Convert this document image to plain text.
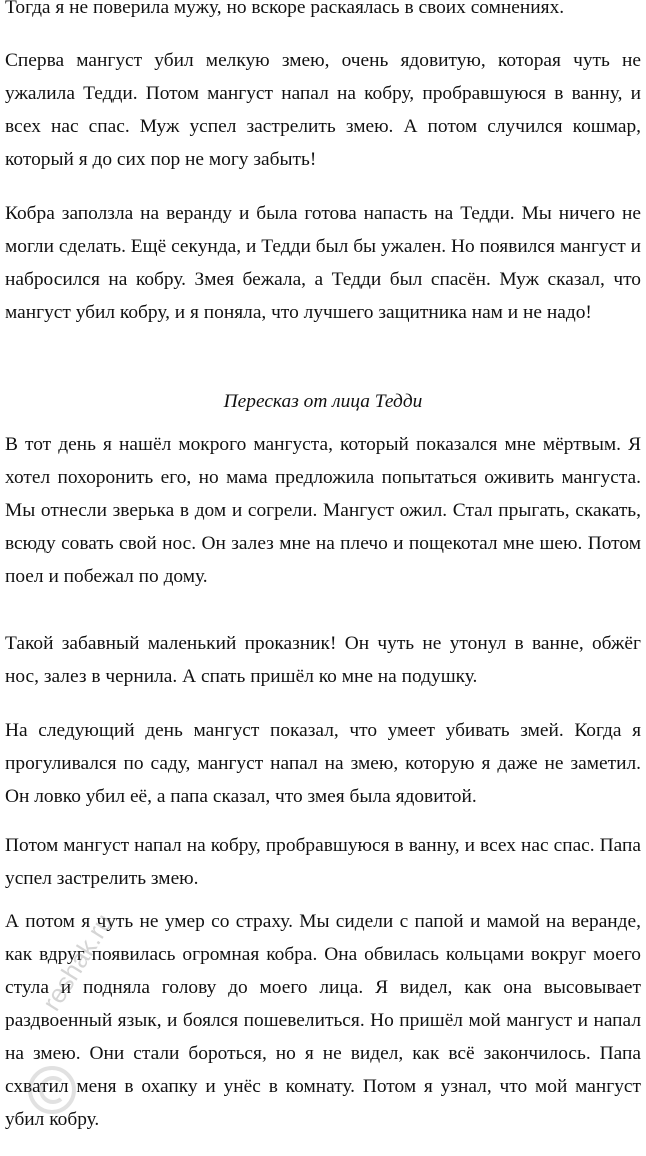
Тогда я не поверила мужу, но вскоре раскаялась в своих сомнениях.

Сперва мангуст убил мелкую змею, очень ядовитую, которая чуть не ужалила Тедди. Потом мангуст напал на кобру, пробравшуюся в ванну, и всех нас спас. Муж успел застрелить змею. А потом случился кошмар, который я до сих пор не могу забыть!

Кобра заползла на веранду и была готова напасть на Тедди. Мы ничего не могли сделать. Ещё секунда, и Тедди был бы ужален. Но появился мангуст и набросился на кобру. Змея бежала, а Тедди был спасён. Муж сказал, что мангуст убил кобру, и я поняла, что лучшего защитника нам и не надо!

Пересказ от лица Тедди

В тот день я нашёл мокрого мангуста, который показался мне мёртвым. Я хотел похоронить его, но мама предложила попытаться оживить мангуста. Мы отнесли зверька в дом и согрели. Мангуст ожил. Стал прыгать, скакать, всюду совать свой нос. Он залез мне на плечо и пощекотал мне шею. Потом поел и побежал по дому.

Такой забавный маленький проказник! Он чуть не утонул в ванне, обжёг нос, залез в чернила. А спать пришёл ко мне на подушку.

На следующий день мангуст показал, что умеет убивать змей. Когда я прогуливался по саду, мангуст напал на змею, которую я даже не заметил. Он ловко убил её, а папа сказал, что змея была ядовитой.

Потом мангуст напал на кобру, пробравшуюся в ванну, и всех нас спас. Папа успел застрелить змею.

А потом я чуть не умер со страху. Мы сидели с папой и мамой на веранде, как вдруг появилась огромная кобра. Она обвилась кольцами вокруг моего стула и подняла голову до моего лица. Я видел, как она высовывает раздвоенный язык, и боялся пошевелиться. Но пришёл мой мангуст и напал на змею. Они стали бороться, но я не видел, как всё закончилось. Папа схватил меня в охапку и унёс в комнату. Потом я узнал, что мой мангуст убил кобру.

reshak.ru
